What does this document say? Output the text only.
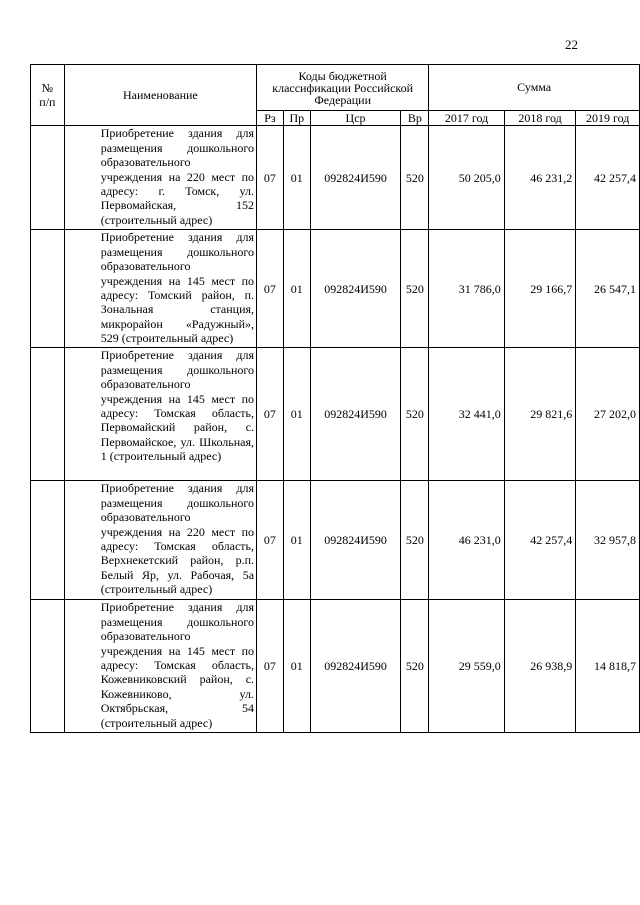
22
№
п/п	Наименование	Коды бюджетной классификации Российской Федерации				Сумма		
		Рз	Пр	Цср	Вр	2017 год	2018 год	2019 год

	Приобретение здания для размещения дошкольного образовательного учреждения на 220 мест по адресу: г. Томск, ул. Первомайская, 152 (строительный адрес)	07	01	092824И590	520	50 205,0	46 231,2	42 257,4

	Приобретение здания для размещения дошкольного образовательного учреждения на 145 мест по адресу: Томский район, п. Зональная станция, микрорайон «Радужный», 529 (строительный адрес)	07	01	092824И590	520	31 786,0	29 166,7	26 547,1

	Приобретение здания для размещения дошкольного образовательного учреждения на 145 мест по адресу: Томская область, Первомайский район, с. Первомайское, ул. Школьная, 1 (строительный адрес)	07	01	092824И590	520	32 441,0	29 821,6	27 202,0

	Приобретение здания для размещения дошкольного образовательного учреждения на 220 мест по адресу: Томская область, Верхнекетский район, р.п. Белый Яр, ул. Рабочая, 5а (строительный адрес)	07	01	092824И590	520	46 231,0	42 257,4	32 957,8

	Приобретение здания для размещения дошкольного образовательного учреждения на 145 мест по адресу: Томская область, Кожевниковский район, с. Кожевниково, ул. Октябрьская, 54 (строительный адрес)	07	01	092824И590	520	29 559,0	26 938,9	14 818,7
